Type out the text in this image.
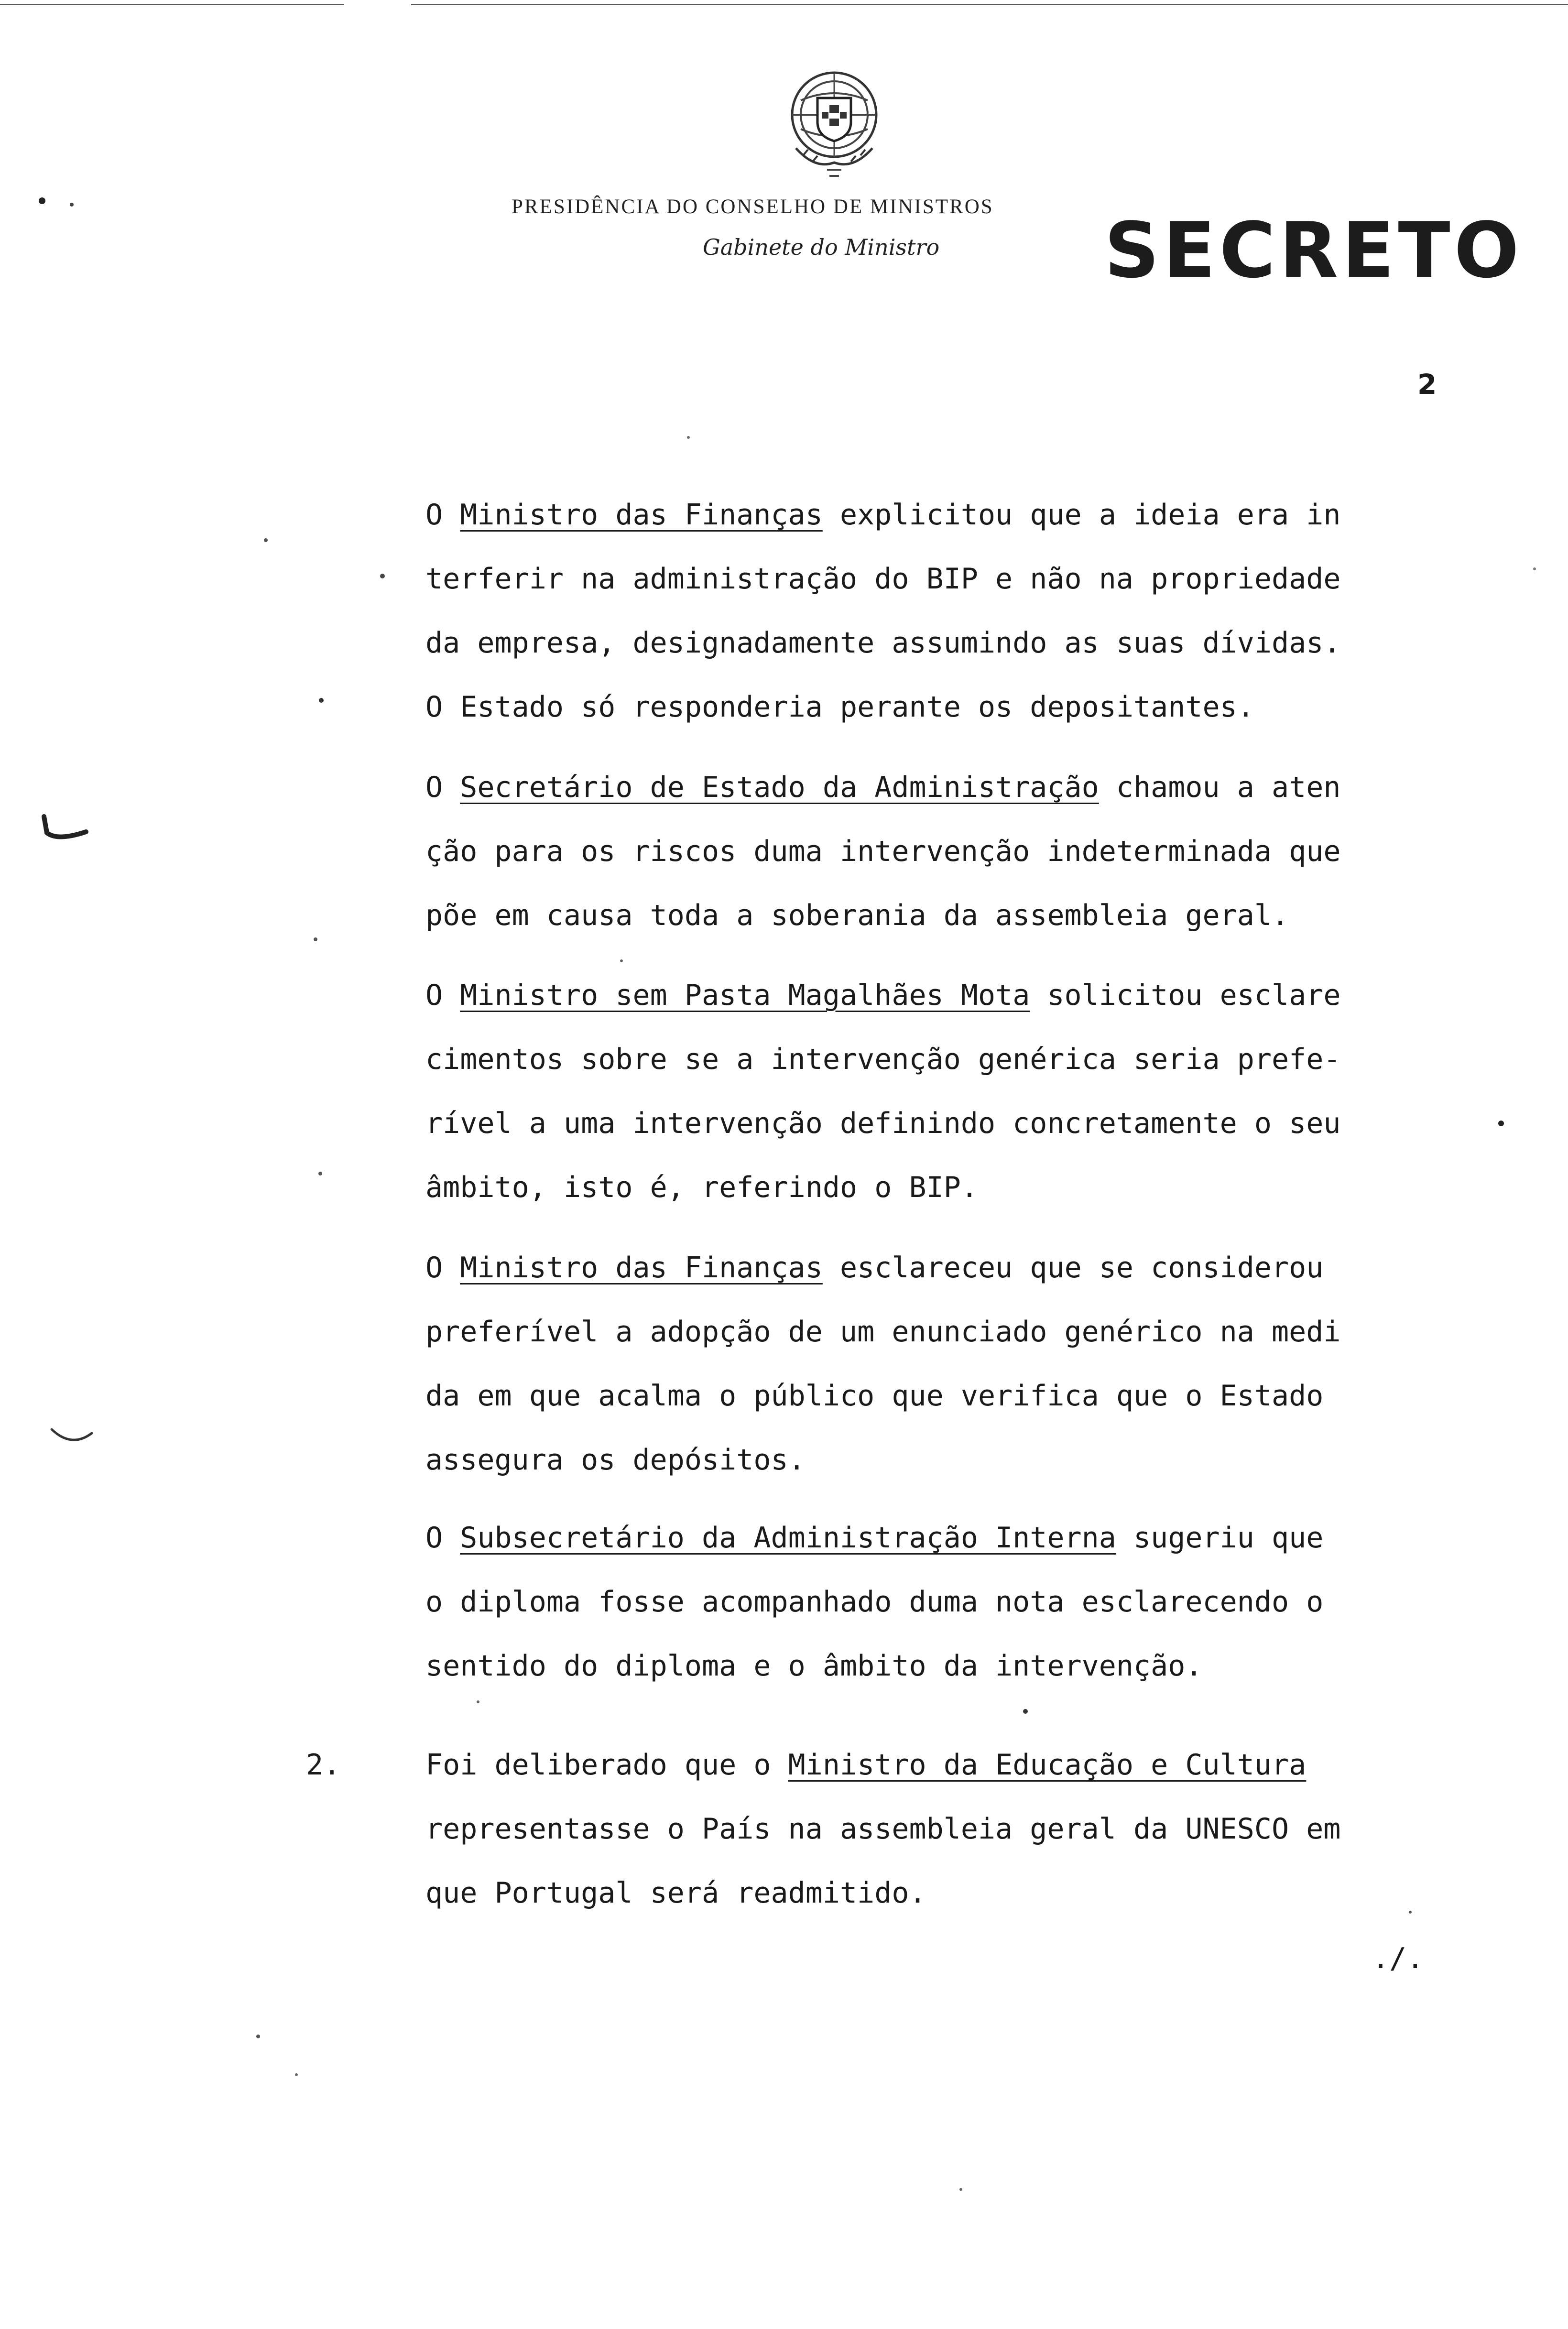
PRESIDÊNCIA DO CONSELHO DE MINISTROS
Gabinete do Ministro SECRETO
2
O Ministro das Finanças explicitou que a ideia era in
terferir na administração do BIP e não na propriedade
da empresa, designadamente assumindo as suas dívidas.
O Estado só responderia perante os depositantes.
O Secretário de Estado da Administração chamou a aten
ção para os riscos duma intervenção indeterminada que
põe em causa toda a soberania da assembleia geral.
O Ministro sem Pasta Magalhães Mota solicitou esclare
cimentos sobre se a intervenção genérica seria prefe-
rível a uma intervenção definindo concretamente o seu
âmbito, isto é, referindo o BIP.
O Ministro das Finanças esclareceu que se considerou
preferível a adopção de um enunciado genérico na medi
da em que acalma o público que verifica que o Estado
assegura os depósitos.
O Subsecretário da Administração Interna sugeriu que
o diploma fosse acompanhado duma nota esclarecendo o
sentido do diploma e o âmbito da intervenção.
2.	Foi deliberado que o Ministro da Educação e Cultura
representasse o País na assembleia geral da UNESCO em
que Portugal será readmitido.
./.
